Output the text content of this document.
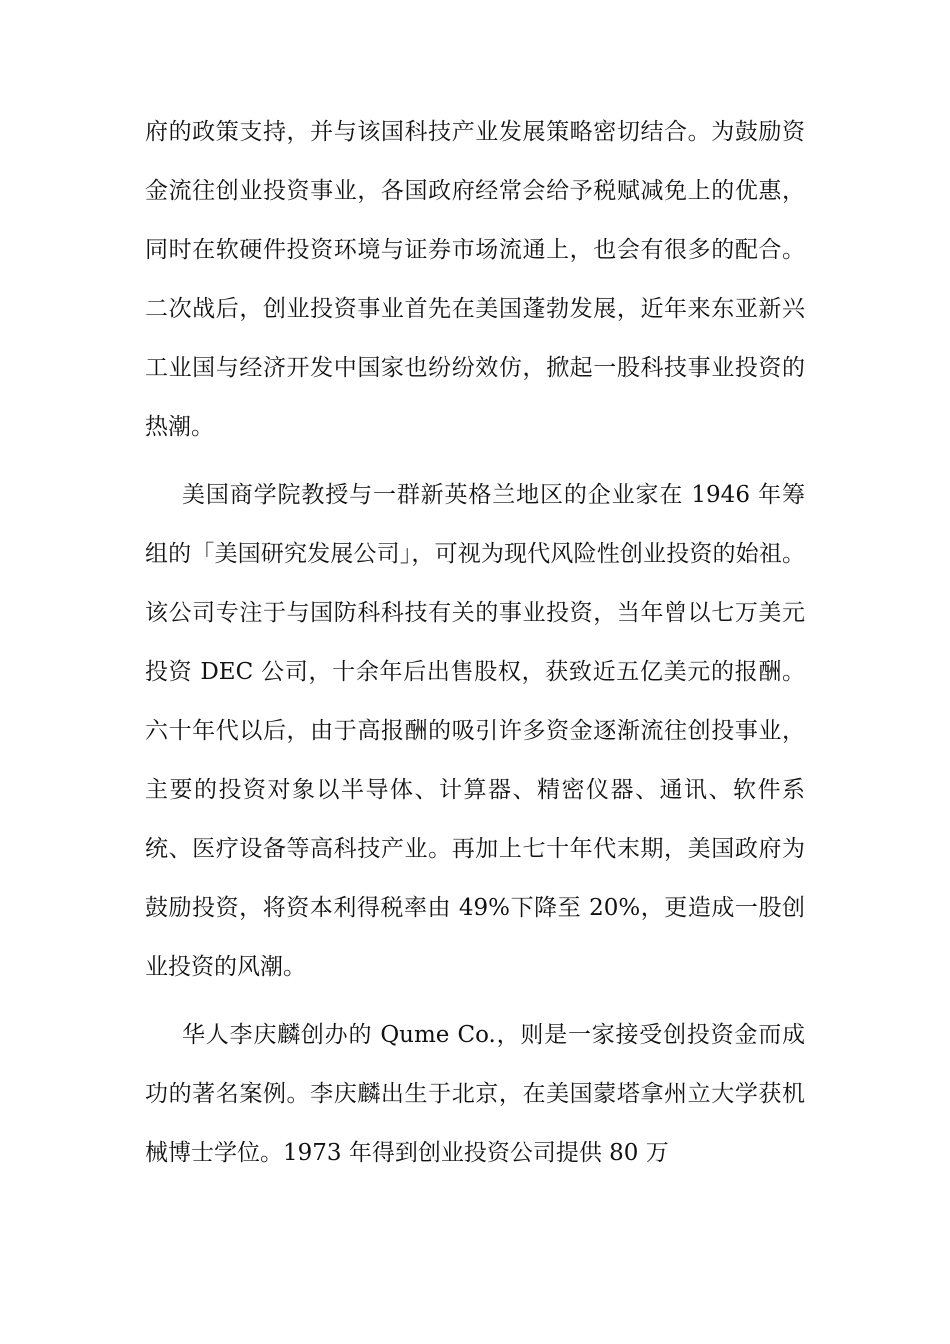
府的政策支持，并与该国科技产业发展策略密切结合。为鼓励资金流往创业投资事业，各国政府经常会给予税赋减免上的优惠，同时在软硬件投资环境与证券市场流通上，也会有很多的配合。二次战后，创业投资事业首先在美国蓬勃发展，近年来东亚新兴工业国与经济开发中国家也纷纷效仿，掀起一股科技事业投资的热潮。

美国商学院教授与一群新英格兰地区的企业家在 1946 年筹组的「美国研究发展公司」，可视为现代风险性创业投资的始祖。该公司专注于与国防科科技有关的事业投资，当年曾以七万美元投资 DEC 公司，十余年后出售股权，获致近五亿美元的报酬。六十年代以后，由于高报酬的吸引许多资金逐渐流往创投事业，主要的投资对象以半导体、计算器、精密仪器、通讯、软件系统、医疗设备等高科技产业。再加上七十年代末期，美国政府为鼓励投资，将资本利得税率由 49%下降至 20%，更造成一股创业投资的风潮。

华人李庆麟创办的 Qume Co.，则是一家接受创投资金而成功的著名案例。李庆麟出生于北京，在美国蒙塔拿州立大学获机械博士学位。1973 年得到创业投资公司提供 80 万
